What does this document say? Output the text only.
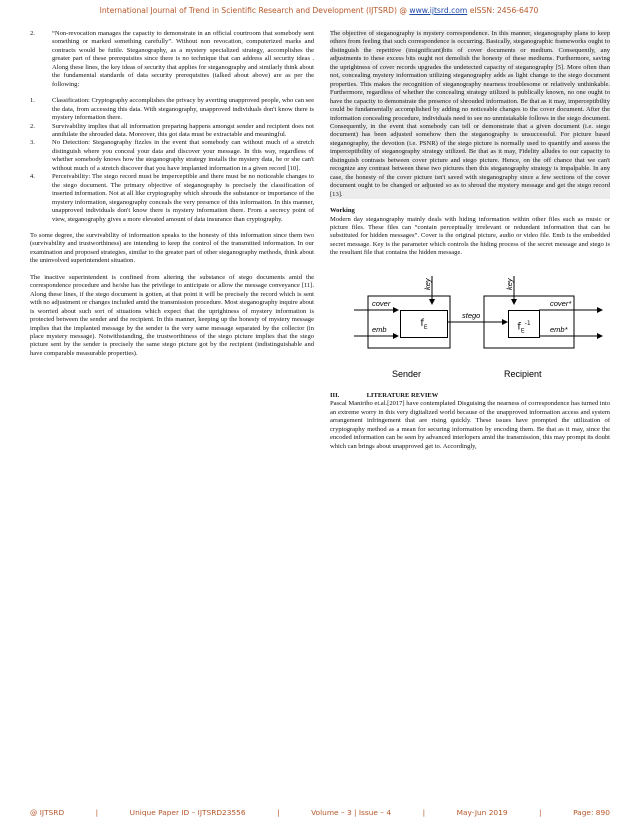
International Journal of Trend in Scientific Research and Development (IJTSRD) @ www.ijtsrd.com eISSN: 2456-6470
2.	“Non-revocation manages the capacity to demonstrate in an official courtroom that somebody sent something or marked something carefully”. Without non revocation, computerized marks and contracts would be futile. Steganography, as a mystery specialized strategy, accomplishes the greater part of these prerequisites since there is no technique that can address all security ideas . Along these lines, the key ideas of security that applies for steganography and similarly think about the fundamental standards of data security prerequisites (talked about above) are as per the following:
1.	Classification: Cryptography accomplishes the privacy by averting unapproved people, who can see the data, from accessing this data. With steganography, unapproved individuals don't know there is mystery information there.
2.	Survivability implies that all information preparing happens amongst sender and recipient does not annihilate the shrouded data. Moreover, this got data must be extractable and meaningful.
3.	No Detection: Steganography fizzles in the event that somebody can without much of a stretch distinguish where you conceal your data and discover your message. In this way, regardless of whether somebody knows how the steganography strategy installs the mystery data, he or she can't without much of a stretch discover that you have implanted information in a given record [10].
4.	Perceivability: The stego record must be imperceptible and there must be no noticeable changes to the stego document. The primary objective of steganography is precisely the classification of inserted information. Not at all like cryptography which shrouds the substance or importance of the mystery information, steganography conceals the very presence of this information. In this manner, unapproved individuals don't know there is mystery information there. From a secrecy point of view, steganography gives a more elevated amount of data insurance than cryptography.

To some degree, the survivability of information speaks to the honesty of this information since them two (survivability and trustworthiness) are intending to keep the control of the transmitted information. In our examination and proposed strategies, similar to the greater part of other steganography methods, think about the uninvolved superintendent situation.

The inactive superintendent is confined from altering the substance of stego documents amid the correspondence procedure and he/she has the privilege to anticipate or allow the message conveyance [11]. Along these lines, if the stego document is gotten, at that point it will be precisely the record which is sent with no adjustment or changes included amid the transmission procedure. Most steganography inquire about is worried about such sort of situations which expect that the uprightness of mystery information is protected between the sender and the recipient. In this manner, keeping up the honesty of mystery message implies that the implanted message by the sender is the very same message separated by the collector (in place mystery message). Notwithstanding, the trustworthiness of the stego picture implies that the stego picture sent by the sender is precisely the same stego picture got by the recipient (indistinguishable and have comparable measurable properties).

The objective of steganography is mystery correspondence. In this manner, steganography plans to keep others from feeling that such correspondence is occurring. Basically, steganographic frameworks ought to distinguish the repetitive (insignificant)bits of cover documents or medium. Consequently, any adjustments to these excess bits ought not demolish the honesty of these mediums. Furthermore, saving the uprightness of cover records upgrades the undetected capacity of steganography [5]. More often than not, concealing mystery information utilizing steganography adds as light change to the stego document properties. This makes the recognition of steganography nearness troublesome or relatively unthinkable. Furthermore, regardless of whether the concealing strategy utilized is publically known, no one ought to have the capacity to demonstrate the presence of shrouded information. Be that as it may, imperceptibility could be fundamentally accomplished by adding no noticeable changes to the cover document. After the information concealing procedure, individuals need to see no unmistakable follows in the stego document. Consequently, in the event that somebody can tell or demonstrate that a given document (i.e. stego document) has been adjusted somehow then the steganography is unsuccessful. For picture based steganography, the devotion (i.e. PSNR) of the stego picture is normally used to quantify and assess the imperceptibility of steganography strategy utilized. Be that as it may, Fidelity alludes to our capacity to distinguish contrasts between cover picture and stego picture. Hence, on the off chance that we can't recognize any contrast between these two pictures then this steganography strategy is impalpable. In any case, the honesty of the cover picture isn't saved with steganography since a few sections of the cover document ought to be changed or adjusted so as to shroud the mystery message and get the stego record [13].

Working

Modern day steganography mainly deals with hiding information within other files such as music or picture files. These files can “contain perceptually irrelevant or redundant information that can be substituted for hidden messages”. Cover is the original picture, audio or video file. Emb is the embedded secret message. Key is the parameter which controls the hiding process of the secret message and stego is the resultant file that contains the hidden message.

$f_E$	$f_E^{-1}$
key	key
cover
emb
stego
cover*
emb*
Sender	Recipient
III.	LITERATURE REVIEW

Pascal Maniriho et.al.[2017] have contemplated Disguising the nearness of correspondence has turned into an extreme worry in this very digitalized world because of the unapproved information access and system arrangement infringement that are rising quickly. These issues have prompted the utilization of cryptography method as a mean for securing information by encoding them. Be that as it may, since the encoded information can be seen by advanced interlopers amid the transmission, this may prompt its doubt which can brings about unapproved get to. Accordingly,

@ IJTSRD	|	Unique Paper ID – IJTSRD23556	|	Volume – 3 | Issue – 4	|	May-Jun 2019	|	Page: 890
